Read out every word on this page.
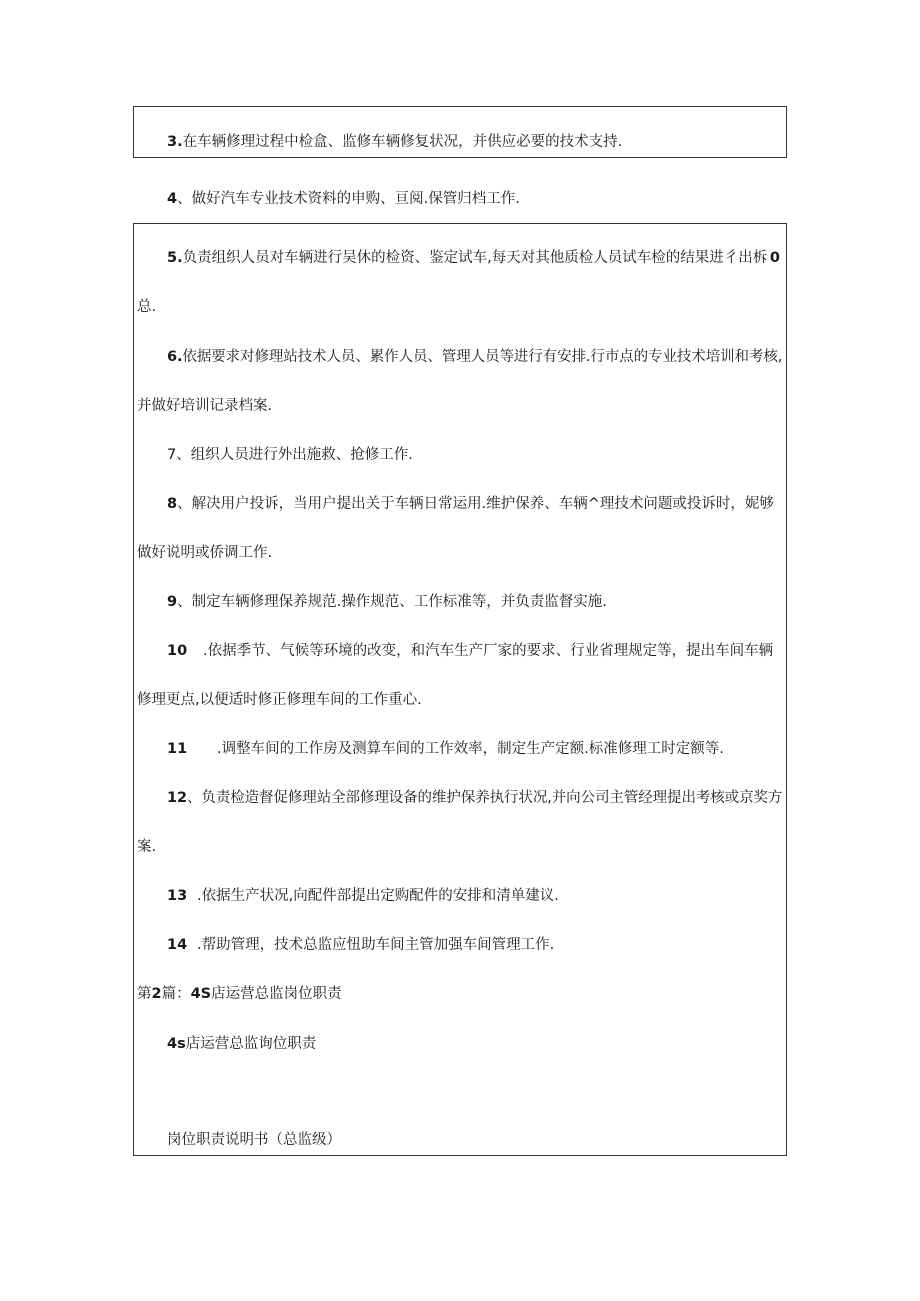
3.在车辆修理过程中检盒、监修车辆修复状况，并供应必要的技术支持.
4、做好汽车专业技术资料的申购、亘阅.保管归档工作.
5.负责组织人员对车辆进行吴休的检资、鉴定试车,每天对其他质检人员试车检的结果进彳出柝 0
总.
6.依据要求对修理站技术人员、累作人员、管理人员等进行有安排.行市点的专业技术培训和考核,
并做好培训记录档案.
7、组织人员进行外出施救、抢修工作.
8、解决用户投诉，当用户提出关于车辆日常运用.维护保养、车辆^理技术问题或投诉时，妮够
做好说明或侨调工作.
9、制定车辆修理保养规范.操作规范、工作标准等，并负责监督实施.
10 .依据季节、气候等环境的改变，和汽车生产厂家的要求、行业省理规定等，提出车间车辆
修理更点,以便适时修正修理车间的工作重心.
11 .调整车间的工作房及测算车间的工作效率，制定生产定额.标准修理工时定额等.
12、负责检造督促修理站全部修理设备的维护保养执行状况,并向公司主管经理提出考核或京奖方
案.
13 .依据生产状况,向配件部提出定购配件的安排和清单建议.
14 .帮助管理，技术总监应忸助车间主管加强车间管理工作.
第2篇：4S店运营总监岗位职责
4s店运营总监询位职责
岗位职责说明书（总监级）
